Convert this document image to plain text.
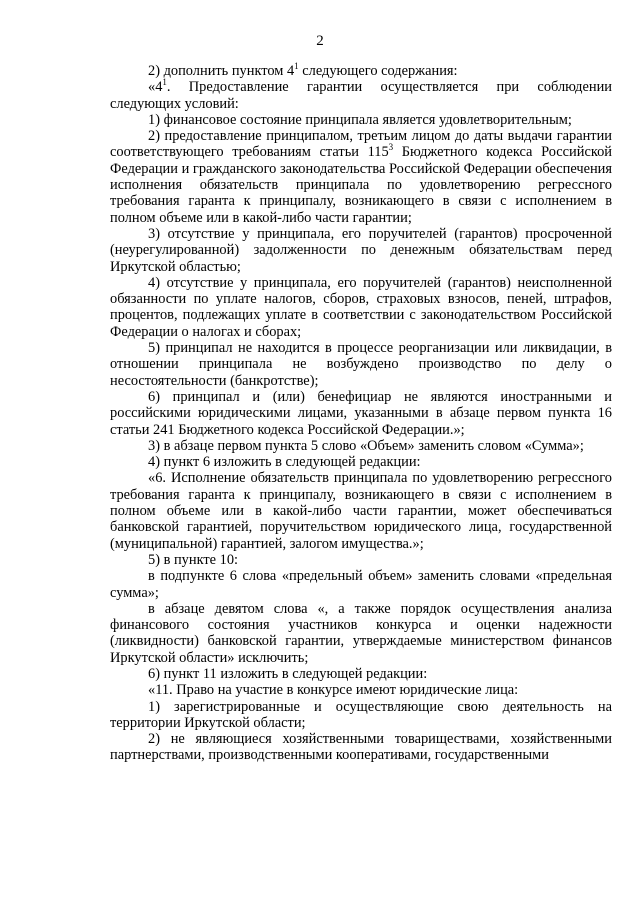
2

2) дополнить пунктом $4^1$ следующего содержания:

«$4^1$. Предоставление гарантии осуществляется при соблюдении следующих условий:

1) финансовое состояние принципала является удовлетворительным;

2) предоставление принципалом, третьим лицом до даты выдачи гарантии соответствующего требованиям статьи $115^3$ Бюджетного кодекса Российской Федерации и гражданского законодательства Российской Федерации обеспечения исполнения обязательств принципала по удовлетворению регрессного требования гаранта к принципалу, возникающего в связи с исполнением в полном объеме или в какой-либо части гарантии;

3) отсутствие у принципала, его поручителей (гарантов) просроченной (неурегулированной) задолженности по денежным обязательствам перед Иркутской областью;

4) отсутствие у принципала, его поручителей (гарантов) неисполненной обязанности по уплате налогов, сборов, страховых взносов, пеней, штрафов, процентов, подлежащих уплате в соответствии с законодательством Российской Федерации о налогах и сборах;

5) принципал не находится в процессе реорганизации или ликвидации, в отношении принципала не возбуждено производство по делу о несостоятельности (банкротстве);

6) принципал и (или) бенефициар не являются иностранными и российскими юридическими лицами, указанными в абзаце первом пункта 16 статьи 241 Бюджетного кодекса Российской Федерации.»;

3) в абзаце первом пункта 5 слово «Объем» заменить словом «Сумма»;

4) пункт 6 изложить в следующей редакции:

«6. Исполнение обязательств принципала по удовлетворению регрессного требования гаранта к принципалу, возникающего в связи с исполнением в полном объеме или в какой-либо части гарантии, может обеспечиваться банковской гарантией, поручительством юридического лица, государственной (муниципальной) гарантией, залогом имущества.»;

5) в пункте 10:

в подпункте 6 слова «предельный объем» заменить словами «предельная сумма»;

в абзаце девятом слова «, а также порядок осуществления анализа финансового состояния участников конкурса и оценки надежности (ликвидности) банковской гарантии, утверждаемые министерством финансов Иркутской области» исключить;

6) пункт 11 изложить в следующей редакции:

«11. Право на участие в конкурсе имеют юридические лица:

1) зарегистрированные и осуществляющие свою деятельность на территории Иркутской области;

2) не являющиеся хозяйственными товариществами, хозяйственными партнерствами, производственными кооперативами, государственными
